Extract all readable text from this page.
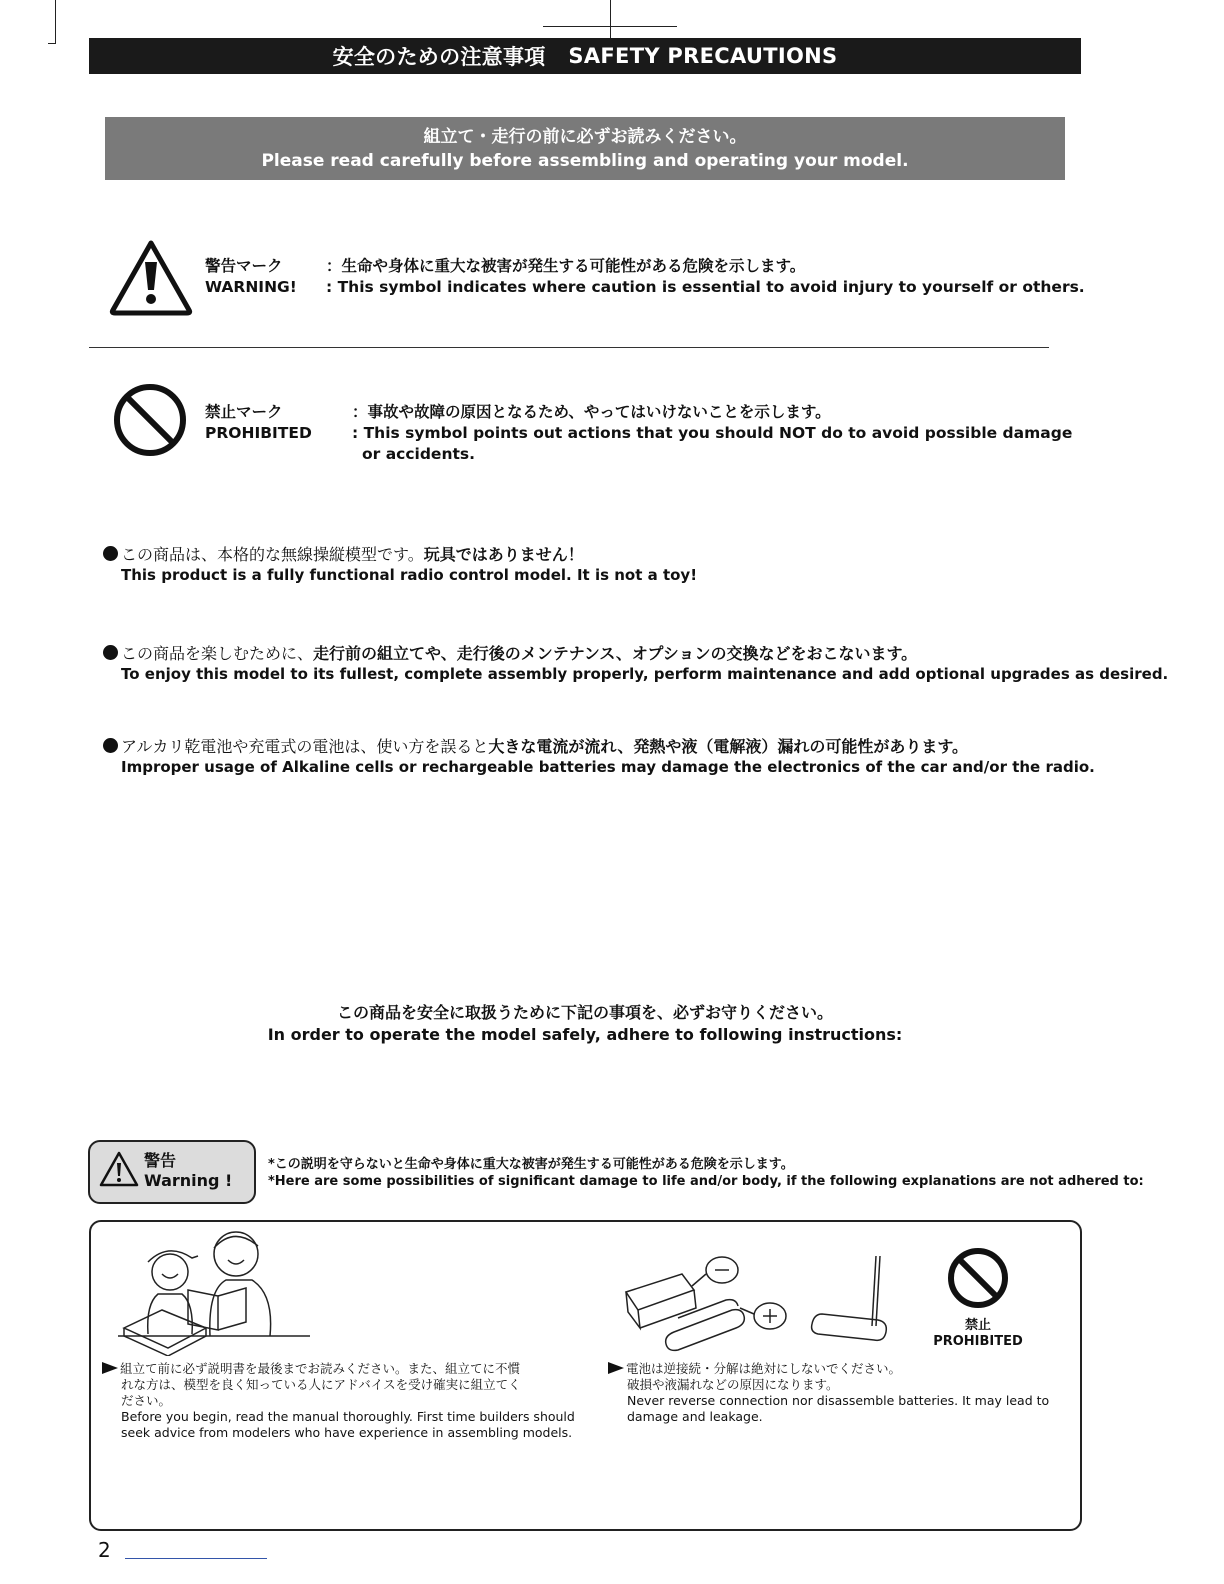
安全のための注意事項
SAFETY PRECAUTIONS
組立て・走行の前に必ずお読みください。
Please read carefully before assembling and operating your model.
警告マーク
WARNING!
：生命や身体に重大な被害が発生する可能性がある危険を示します。
: This symbol indicates where caution is essential to avoid injury to yourself or others.
禁止マーク
PROHIBITED
：事故や故障の原因となるため、やってはいけないことを示します。
: This symbol points out actions that you should NOT do to avoid possible damage
or accidents.
この商品は、本格的な無線操縦模型です。玩具ではありません！
This product is a fully functional radio control model. It is not a toy!
この商品を楽しむために、走行前の組立てや、走行後のメンテナンス、オプションの交換などをおこないます。
To enjoy this model to its fullest, complete assembly properly, perform maintenance and add optional upgrades as desired.
アルカリ乾電池や充電式の電池は、使い方を誤ると大きな電流が流れ、発熱や液（電解液）漏れの可能性があります。
Improper usage of Alkaline cells or rechargeable batteries may damage the electronics of the car and/or the radio.
この商品を安全に取扱うために下記の事項を、必ずお守りください。
In order to operate the model safely, adhere to following instructions:
警告
Warning !
*この説明を守らないと生命や身体に重大な被害が発生する可能性がある危険を示します。
*Here are some possibilities of significant damage to life and/or body, if the following explanations are not adhered to:
組立て前に必ず説明書を最後までお読みください。また、組立てに不慣
れな方は、模型を良く知っている人にアドバイスを受け確実に組立てく
ださい。
Before you begin, read the manual thoroughly. First time builders should
seek advice from modelers who have experience in assembling models.
禁止
PROHIBITED
電池は逆接続・分解は絶対にしないでください。
破損や液漏れなどの原因になります。
Never reverse connection nor disassemble batteries. It may lead to
damage and leakage.
2
